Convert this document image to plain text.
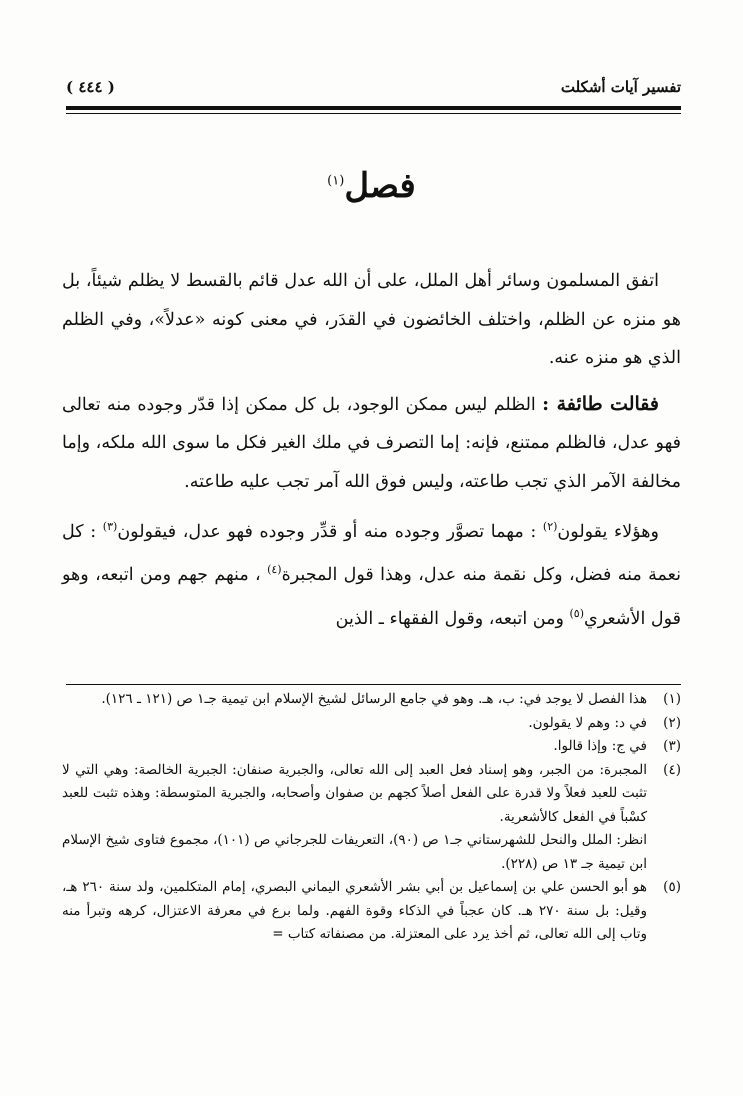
تفسير آيات أشكلت
( ٤٤٤ )
فصل$^{(١)}$

اتفق المسلمون وسائر أهل الملل، على أن الله عدل قائم بالقسط لا يظلم شيئاً، بل هو منزه عن الظلم، واختلف الخائضون في القدَر، في معنى كونه «عدلاً»، وفي الظلم الذي هو منزه عنه.

فقالت طائفة : الظلم ليس ممكن الوجود، بل كل ممكن إذا قدّر وجوده منه تعالى فهو عدل، فالظلم ممتنع، فإنه: إما التصرف في ملك الغير فكل ما سوى الله ملكه، وإما مخالفة الآمر الذي تجب طاعته، وليس فوق الله آمر تجب عليه طاعته.

وهؤلاء يقولون$^{(٢)}$ : مهما تصوَّر وجوده منه أو قدِّر وجوده فهو عدل، فيقولون$^{(٣)}$ : كل نعمة منه فضل، وكل نقمة منه عدل، وهذا قول المجبرة$^{(٤)}$ ، منهم جهم ومن اتبعه، وهو قول الأشعري$^{(٥)}$ ومن اتبعه، وقول الفقهاء ـ الذين

(١)
هذا الفصل لا يوجد في: ب، هـ. وهو في جامع الرسائل لشيخ الإسلام ابن تيمية جـ١ ص (١٢١ ـ ١٢٦).
(٢)
في د: وهم لا يقولون.
(٣)
في ج: وإذا قالوا.
(٤)
المجبرة: من الجبر، وهو إسناد فعل العبد إلى الله تعالى، والجبرية صنفان: الجبرية الخالصة: وهي التي لا تثبت للعبد فعلاً ولا قدرة على الفعل أصلاً كجهم بن صفوان وأصحابه، والجبرية المتوسطة: وهذه تثبت للعبد كسْباً في الفعل كالأشعرية.
انظر: الملل والنحل للشهرستاني جـ١ ص (٩٠)، التعريفات للجرجاني ص (١٠١)، مجموع فتاوى شيخ الإسلام ابن تيمية جـ ١٣ ص (٢٢٨).
(٥)
هو أبو الحسن علي بن إسماعيل بن أبي بشر الأشعري اليماني البصري، إمام المتكلمين، ولد سنة ٢٦٠ هـ، وقيل: بل سنة ٢٧٠ هـ. كان عجباً في الذكاء وقوة الفهم. ولما برع في معرفة الاعتزال، كرهه وتبرأ منه وتاب إلى الله تعالى، ثم أخذ يرد على المعتزلة. من مصنفاته كتاب =
